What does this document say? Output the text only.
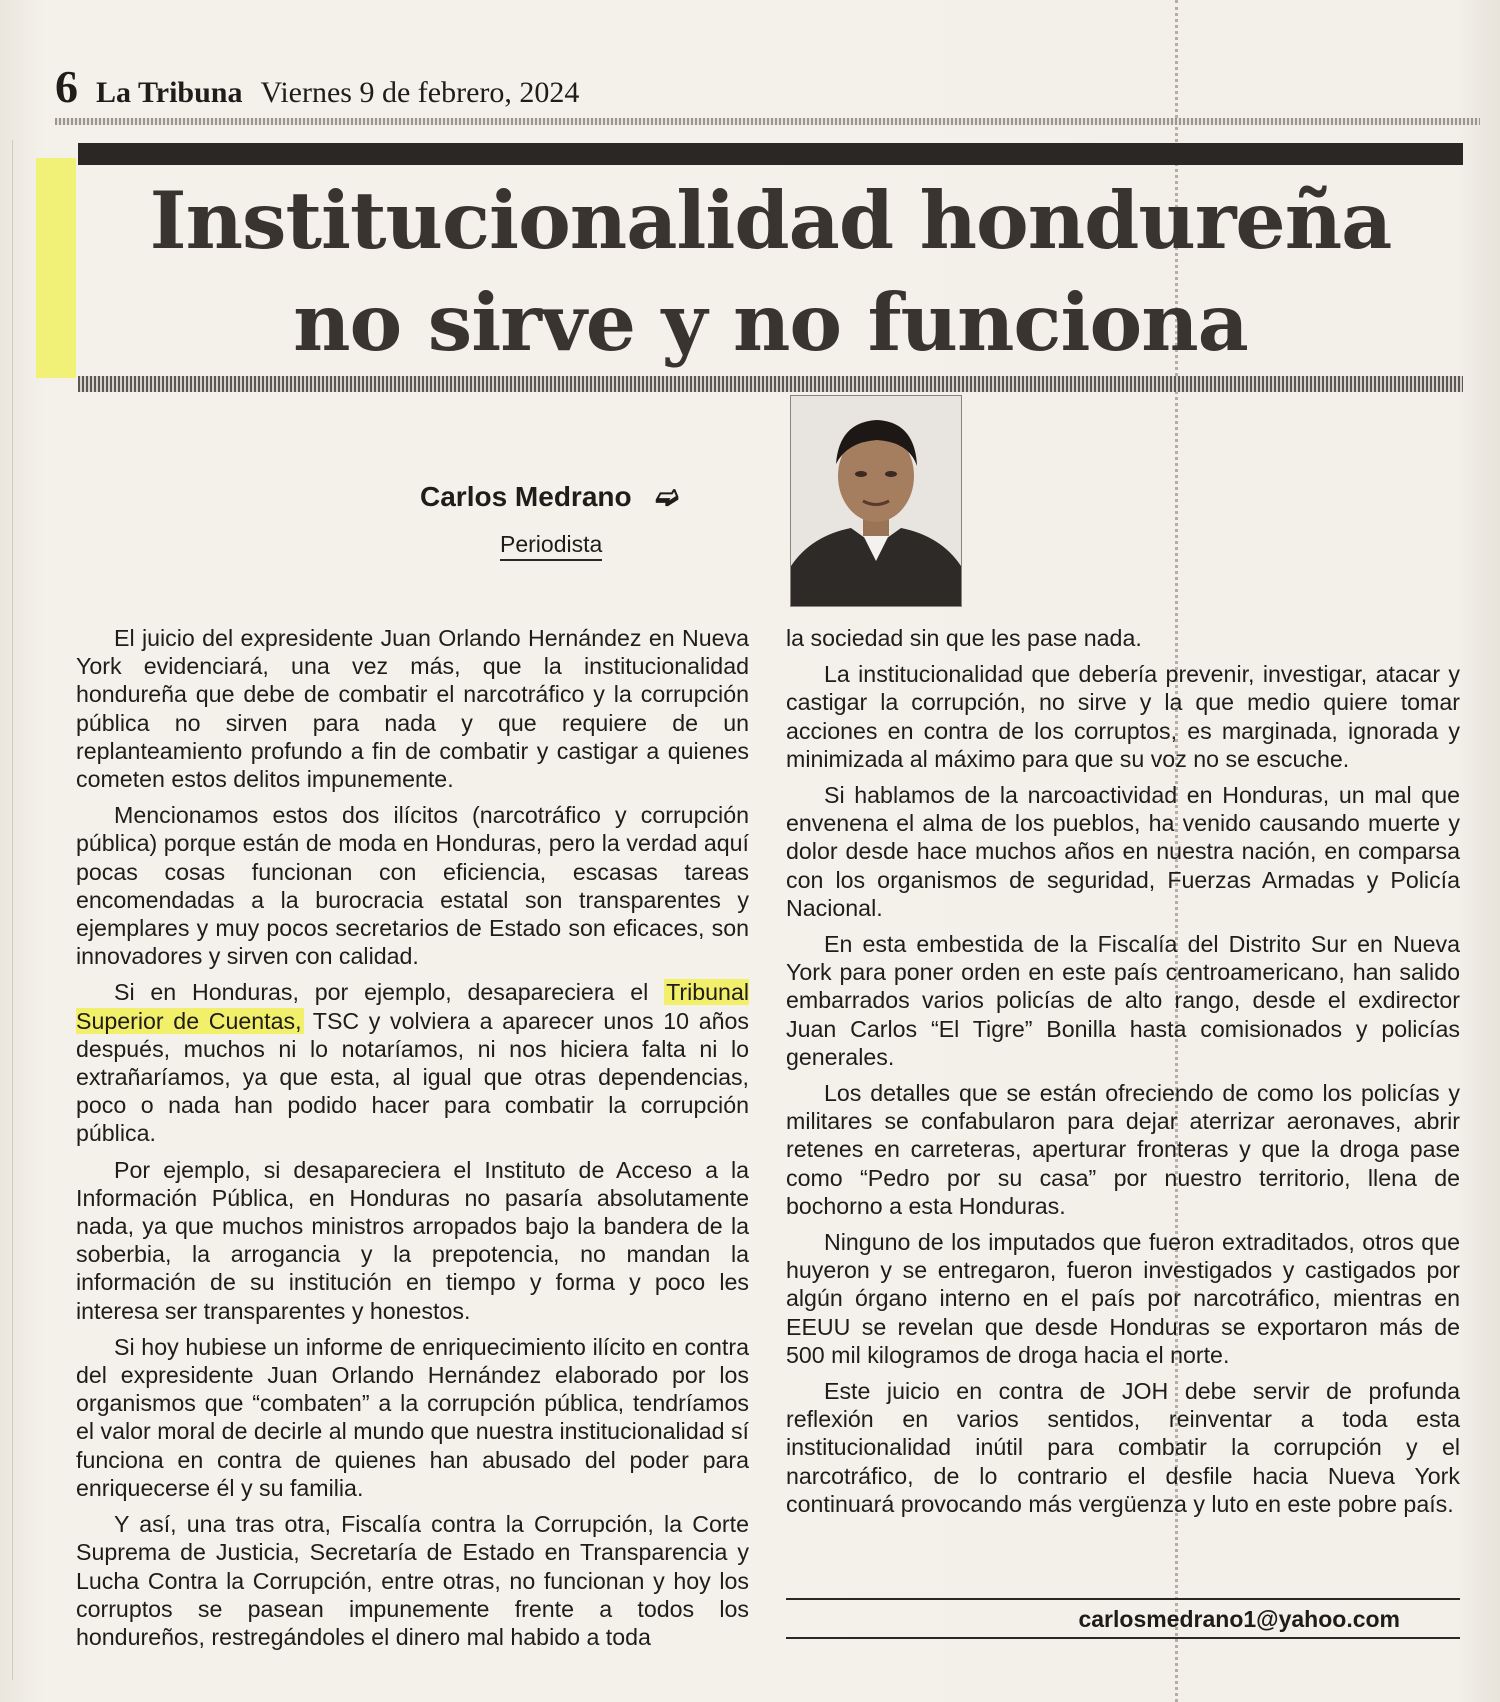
6 La Tribuna Viernes 9 de febrero, 2024
Institucionalidad hondureña
no sirve y no funciona
Carlos Medrano ➫
Periodista

El juicio del expresidente Juan Orlando Hernández en Nueva York evidenciará, una vez más, que la institucionalidad hondureña que debe de combatir el narcotráfico y la corrupción pública no sirven para nada y que requiere de un replanteamiento profundo a fin de combatir y castigar a quienes cometen estos delitos impunemente.

Mencionamos estos dos ilícitos (narcotráfico y corrupción pública) porque están de moda en Honduras, pero la verdad aquí pocas cosas funcionan con eficiencia, escasas tareas encomendadas a la burocracia estatal son transparentes y ejemplares y muy pocos secretarios de Estado son eficaces, son innovadores y sirven con calidad.

Si en Honduras, por ejemplo, desapareciera el Tribunal Superior de Cuentas, TSC y volviera a aparecer unos 10 años después, muchos ni lo notaríamos, ni nos hiciera falta ni lo extrañaríamos, ya que esta, al igual que otras dependencias, poco o nada han podido hacer para combatir la corrupción pública.

Por ejemplo, si desapareciera el Instituto de Acceso a la Información Pública, en Honduras no pasaría absolutamente nada, ya que muchos ministros arropados bajo la bandera de la soberbia, la arrogancia y la prepotencia, no mandan la información de su institución en tiempo y forma y poco les interesa ser transparentes y honestos.

Si hoy hubiese un informe de enriquecimiento ilícito en contra del expresidente Juan Orlando Hernández elaborado por los organismos que “combaten” a la corrupción pública, tendríamos el valor moral de decirle al mundo que nuestra institucionalidad sí funciona en contra de quienes han abusado del poder para enriquecerse él y su familia.

Y así, una tras otra, Fiscalía contra la Corrupción, la Corte Suprema de Justicia, Secretaría de Estado en Transparencia y Lucha Contra la Corrupción, entre otras, no funcionan y hoy los corruptos se pasean impunemente frente a todos los hondureños, restregándoles el dinero mal habido a toda

la sociedad sin que les pase nada.

La institucionalidad que debería prevenir, investigar, atacar y castigar la corrupción, no sirve y la que medio quiere tomar acciones en contra de los corruptos, es marginada, ignorada y minimizada al máximo para que su voz no se escuche.

Si hablamos de la narcoactividad en Honduras, un mal que envenena el alma de los pueblos, ha venido causando muerte y dolor desde hace muchos años en nuestra nación, en comparsa con los organismos de seguridad, Fuerzas Armadas y Policía Nacional.

En esta embestida de la Fiscalía del Distrito Sur en Nueva York para poner orden en este país centroamericano, han salido embarrados varios policías de alto rango, desde el exdirector Juan Carlos “El Tigre” Bonilla hasta comisionados y policías generales.

Los detalles que se están ofreciendo de como los policías y militares se confabularon para dejar aterrizar aeronaves, abrir retenes en carreteras, aperturar fronteras y que la droga pase como “Pedro por su casa” por nuestro territorio, llena de bochorno a esta Honduras.

Ninguno de los imputados que fueron extraditados, otros que huyeron y se entregaron, fueron investigados y castigados por algún órgano interno en el país por narcotráfico, mientras en EEUU se revelan que desde Honduras se exportaron más de 500 mil kilogramos de droga hacia el norte.

Este juicio en contra de JOH debe servir de profunda reflexión en varios sentidos, reinventar a toda esta institucionalidad inútil para combatir la corrupción y el narcotráfico, de lo contrario el desfile hacia Nueva York continuará provocando más vergüenza y luto en este pobre país.

carlosmedrano1@yahoo.com
